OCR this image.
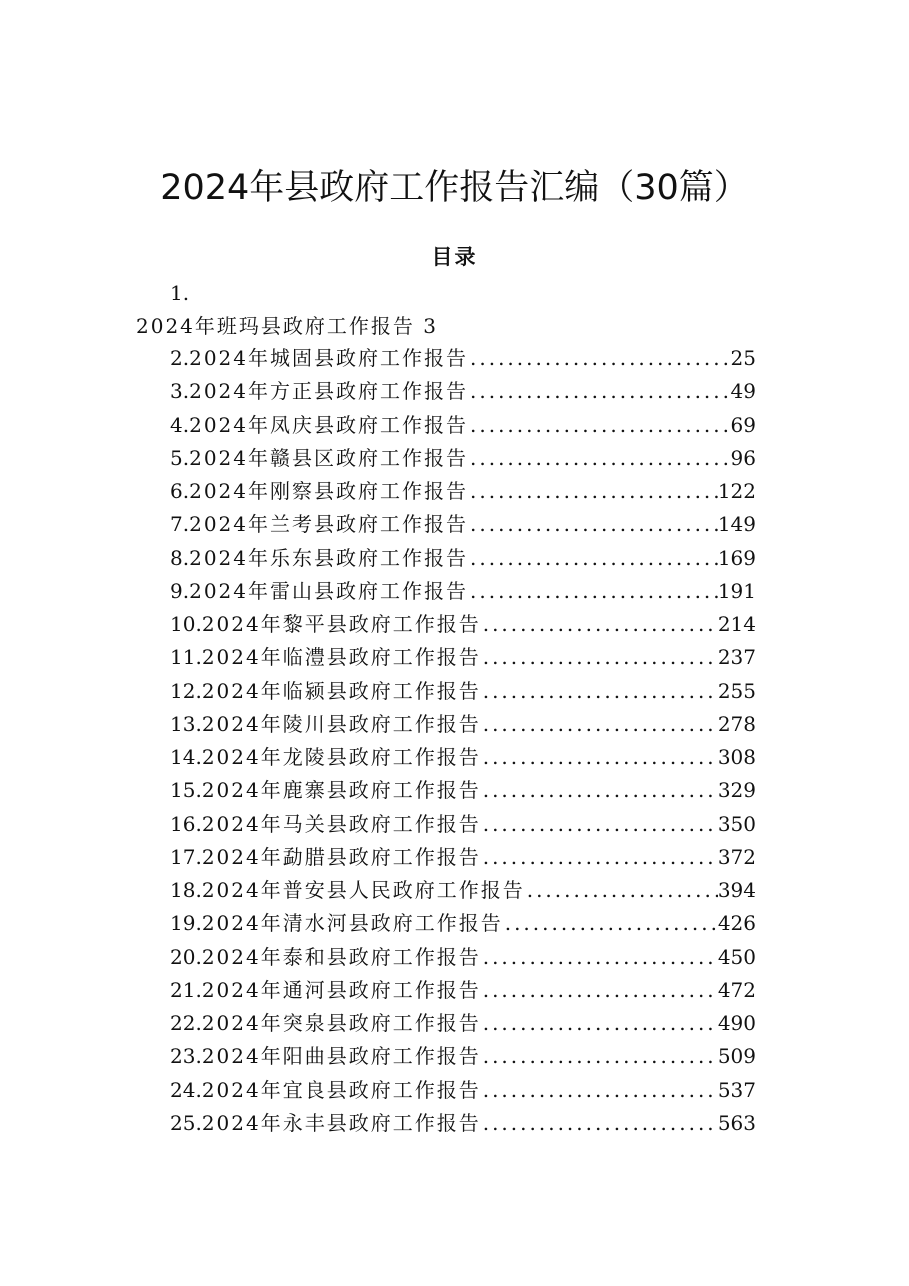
2024年县政府工作报告汇编（30篇）
目录
1.
2024年班玛县政府工作报告 3
2. 2024年城固县政府工作报告 .....	25
3. 2024年方正县政府工作报告 .....	49
4. 2024年凤庆县政府工作报告 .....	69
5. 2024年赣县区政府工作报告 .....	96
6. 2024年刚察县政府工作报告 .....	122
7. 2024年兰考县政府工作报告 .....	149
8. 2024年乐东县政府工作报告 .....	169
9. 2024年雷山县政府工作报告 .....	191
10. 2024年黎平县政府工作报告 .....	214
11. 2024年临澧县政府工作报告 .....	237
12. 2024年临颍县政府工作报告 .....	255
13. 2024年陵川县政府工作报告 .....	278
14. 2024年龙陵县政府工作报告 .....	308
15. 2024年鹿寨县政府工作报告 .....	329
16. 2024年马关县政府工作报告 .....	350
17. 2024年勐腊县政府工作报告 .....	372
18. 2024年普安县人民政府工作报告 .....	394
19. 2024年清水河县政府工作报告 .....	426
20. 2024年泰和县政府工作报告 .....	450
21. 2024年通河县政府工作报告 .....	472
22. 2024年突泉县政府工作报告 .....	490
23. 2024年阳曲县政府工作报告 .....	509
24. 2024年宜良县政府工作报告 .....	537
25. 2024年永丰县政府工作报告 .....	563
